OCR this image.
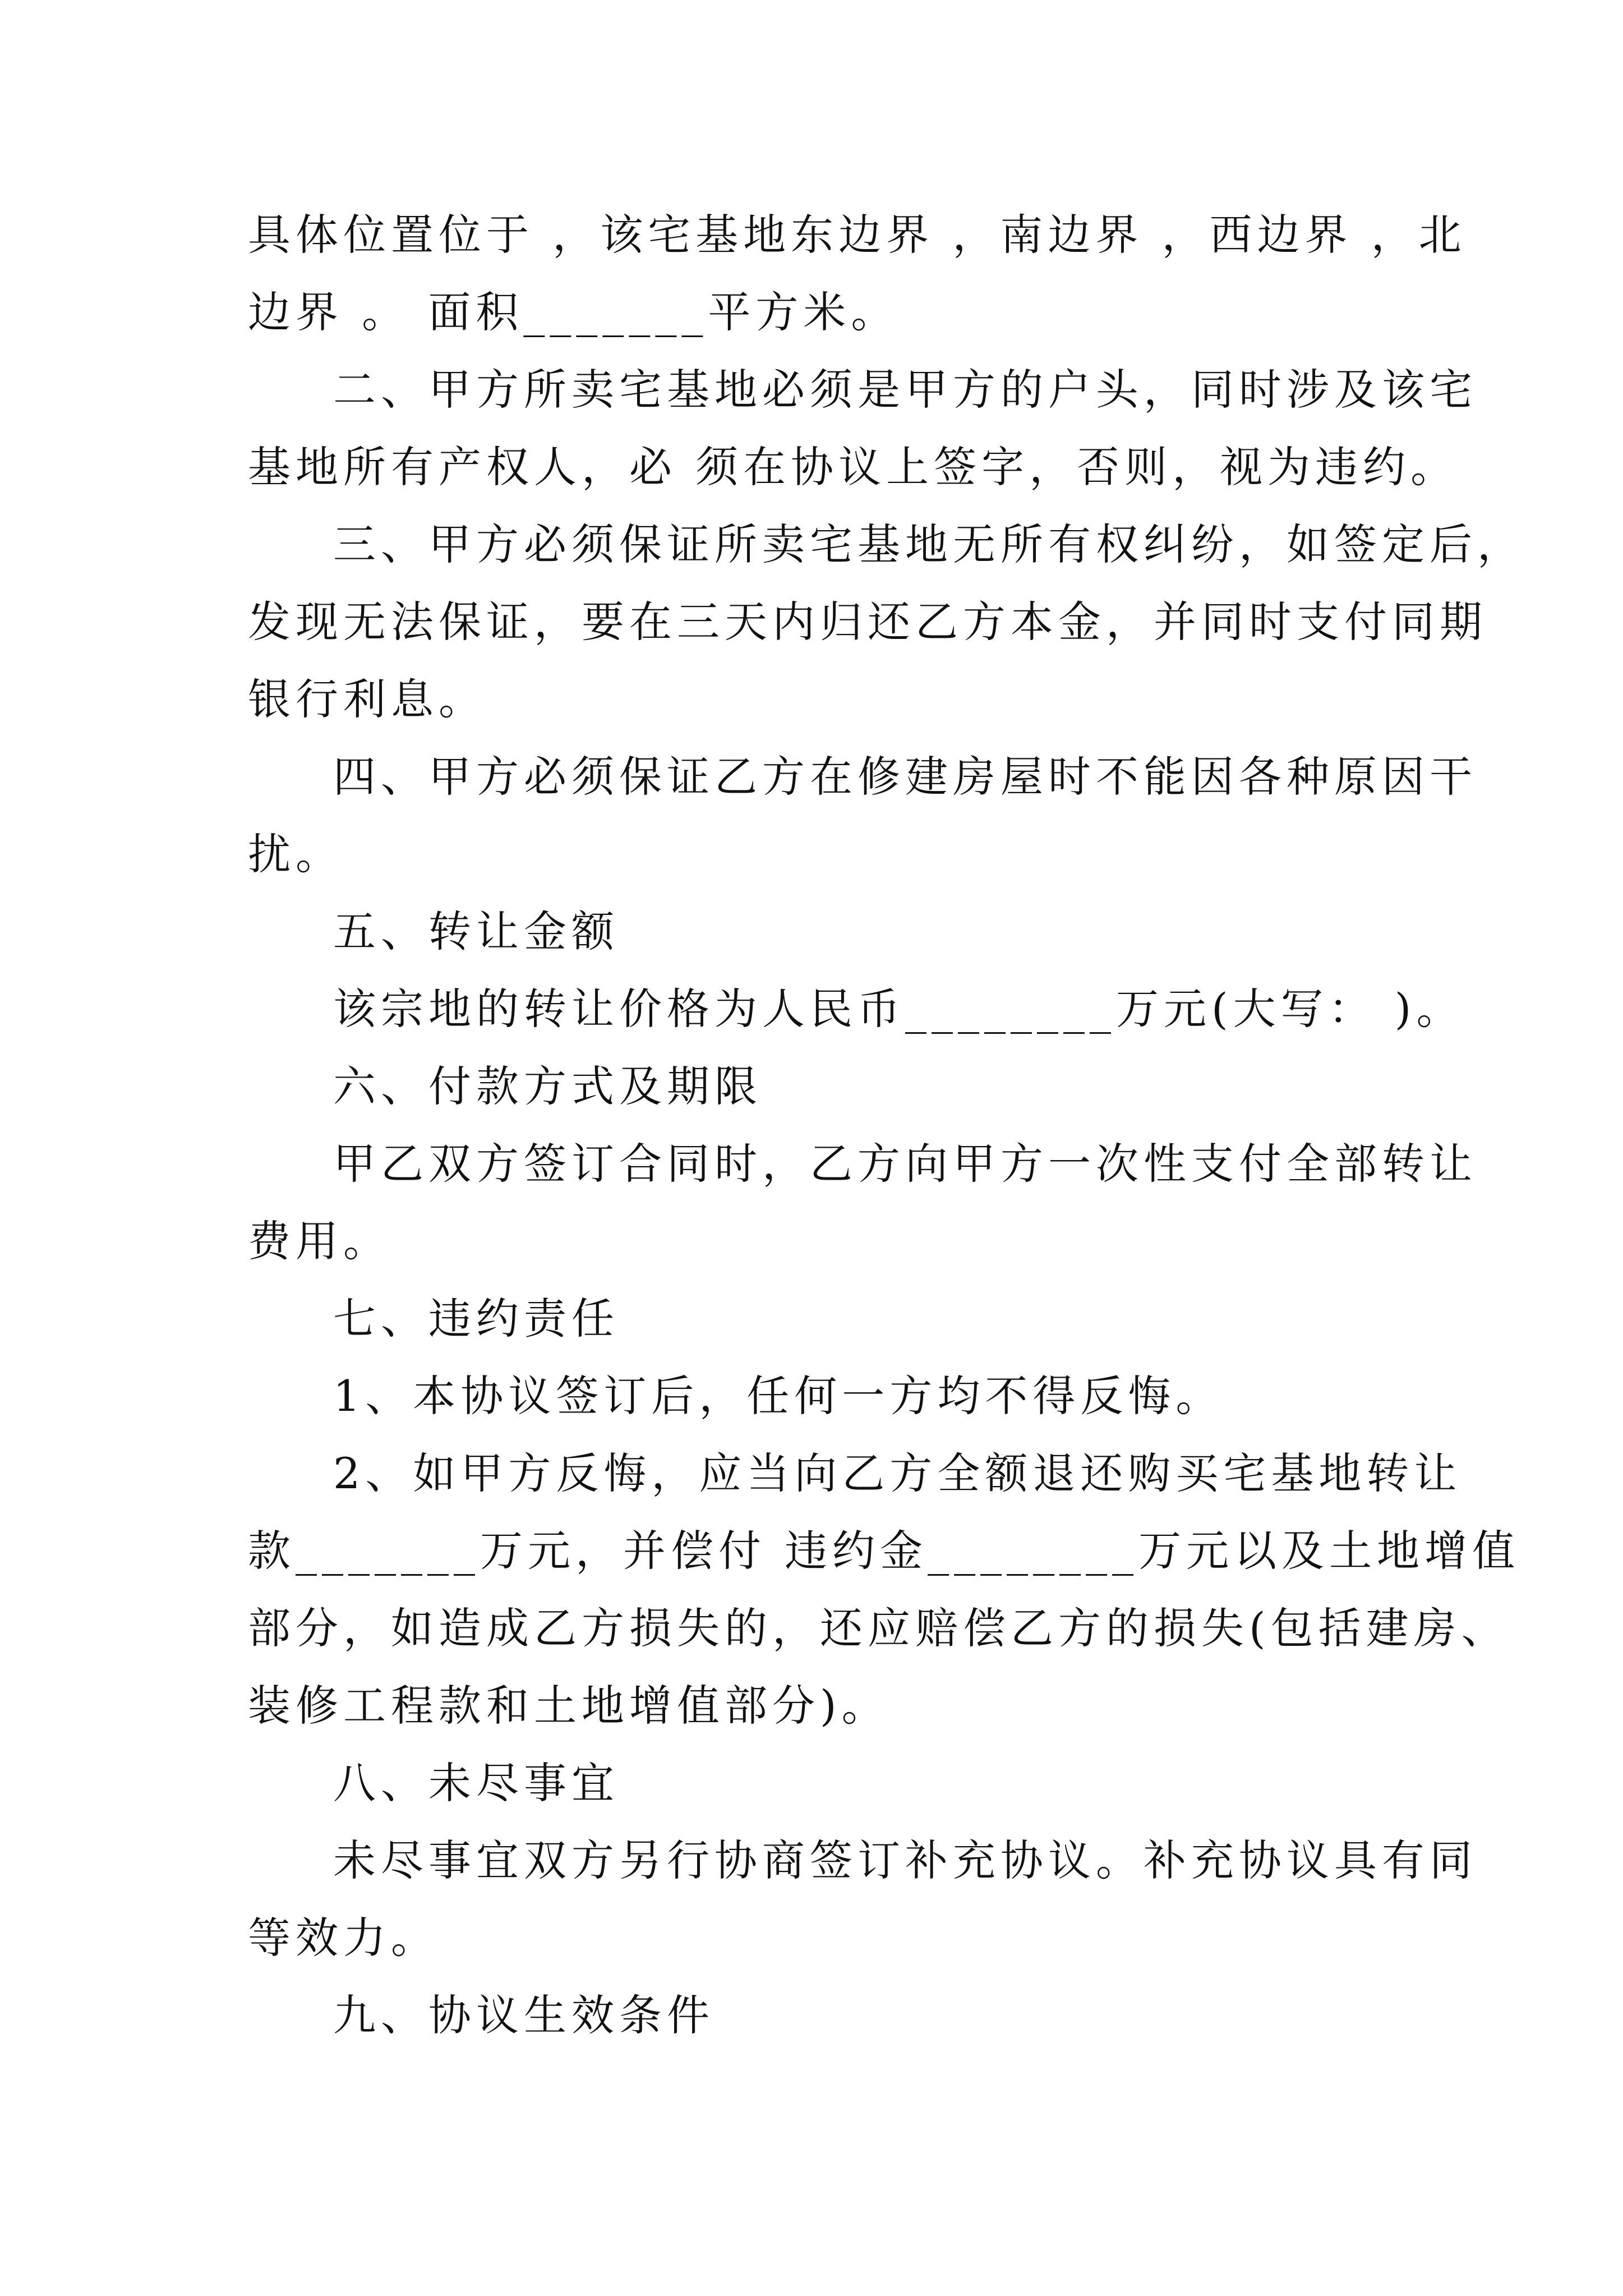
具体位置位于 ，该宅基地东边界 ，南边界 ，西边界 ，北
边界 。 面积_______平方米。
二、甲方所卖宅基地必须是甲方的户头，同时涉及该宅
基地所有产权人，必 须在协议上签字，否则，视为违约。
三、甲方必须保证所卖宅基地无所有权纠纷，如签定后，
发现无法保证，要在三天内归还乙方本金，并同时支付同期
银行利息。
四、甲方必须保证乙方在修建房屋时不能因各种原因干
扰。
五、转让金额
该宗地的转让价格为人民币________万元(大写： )。
六、付款方式及期限
甲乙双方签订合同时，乙方向甲方一次性支付全部转让
费用。
七、违约责任
1、本协议签订后，任何一方均不得反悔。
2、如甲方反悔，应当向乙方全额退还购买宅基地转让
款_______万元，并偿付 违约金________万元以及土地增值
部分，如造成乙方损失的，还应赔偿乙方的损失(包括建房、
装修工程款和土地增值部分)。
八、未尽事宜
未尽事宜双方另行协商签订补充协议。补充协议具有同
等效力。
九、协议生效条件
